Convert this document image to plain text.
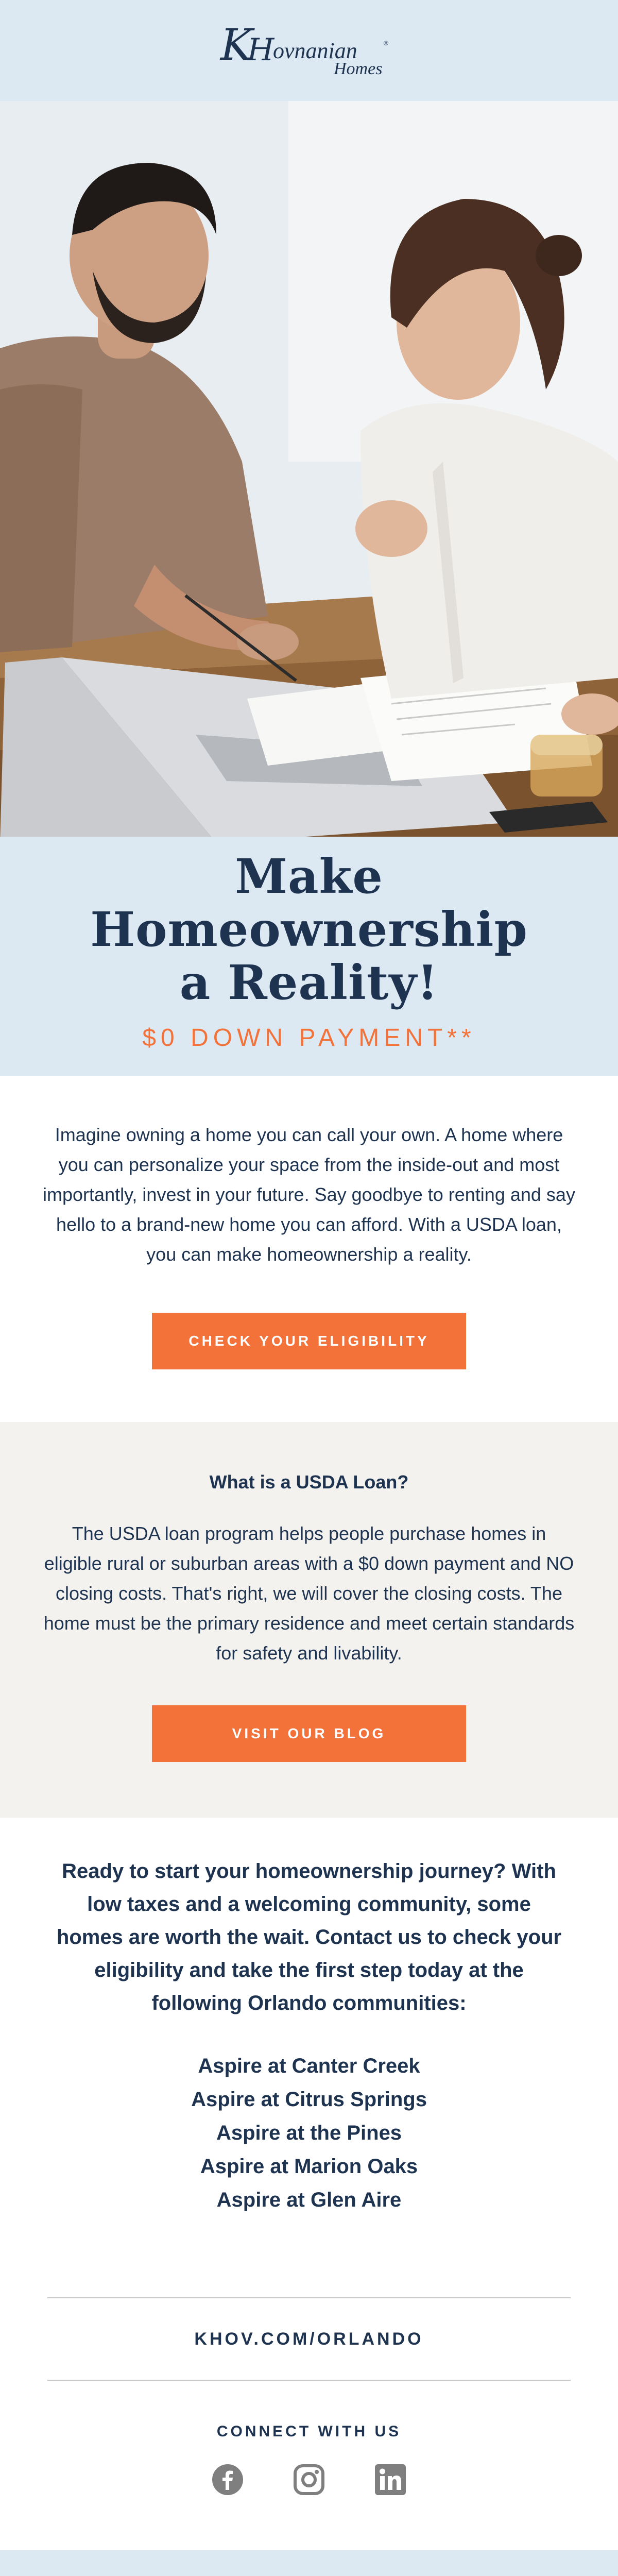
K
H
ovnanian	®
Homes
Make Homeownership a Reality!
$0 DOWN PAYMENT**

Imagine owning a home you can call your own. A home where you can personalize your space from the inside-out and most importantly, invest in your future. Say goodbye to renting and say hello to a brand-new home you can afford. With a USDA loan, you can make homeownership a reality.

CHECK YOUR ELIGIBILITY
What is a USDA Loan?

The USDA loan program helps people purchase homes in eligible rural or suburban areas with a $0 down payment and NO closing costs. That's right, we will cover the closing costs. The home must be the primary residence and meet certain standards for safety and livability.

VISIT OUR BLOG

Ready to start your homeownership journey? With low taxes and a welcoming community, some homes are worth the wait. Contact us to check your eligibility and take the first step today at the following Orlando communities:

Aspire at Canter Creek
Aspire at Citrus Springs
Aspire at the Pines
Aspire at Marion Oaks
Aspire at Glen Aire
KHOV.COM/ORLANDO
CONNECT WITH US
